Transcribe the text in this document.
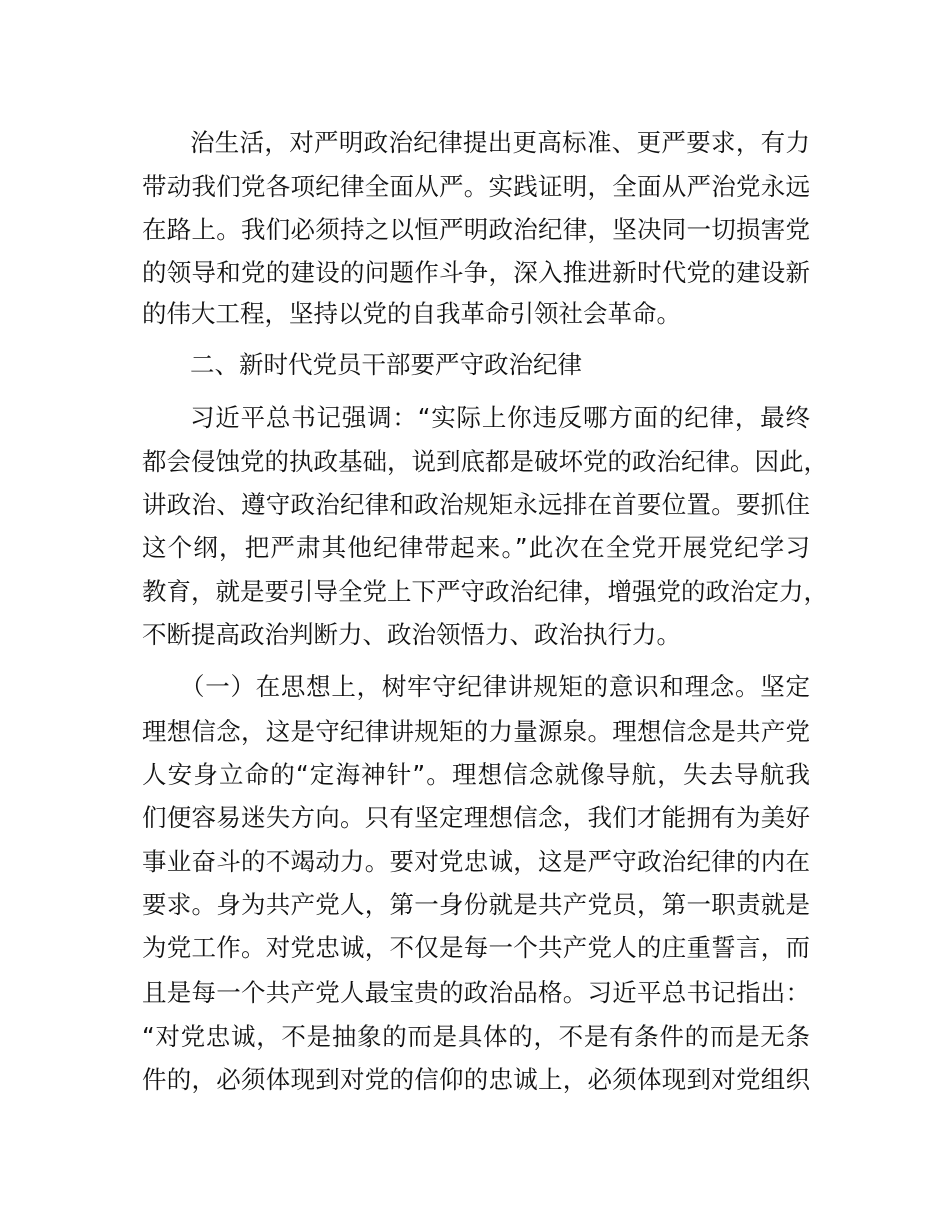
治生活，对严明政治纪律提出更高标准、更严要求，有力
带动我们党各项纪律全面从严。实践证明，全面从严治党永远
在路上。我们必须持之以恒严明政治纪律，坚决同一切损害党
的领导和党的建设的问题作斗争，深入推进新时代党的建设新
的伟大工程，坚持以党的自我革命引领社会革命。
二、新时代党员干部要严守政治纪律
习近平总书记强调：“实际上你违反哪方面的纪律，最终
都会侵蚀党的执政基础，说到底都是破坏党的政治纪律。因此，
讲政治、遵守政治纪律和政治规矩永远排在首要位置。要抓住
这个纲，把严肃其他纪律带起来。”此次在全党开展党纪学习
教育，就是要引导全党上下严守政治纪律，增强党的政治定力，
不断提高政治判断力、政治领悟力、政治执行力。
（一）在思想上，树牢守纪律讲规矩的意识和理念。坚定
理想信念，这是守纪律讲规矩的力量源泉。理想信念是共产党
人安身立命的“定海神针”。理想信念就像导航，失去导航我
们便容易迷失方向。只有坚定理想信念，我们才能拥有为美好
事业奋斗的不竭动力。要对党忠诚，这是严守政治纪律的内在
要求。身为共产党人，第一身份就是共产党员，第一职责就是
为党工作。对党忠诚，不仅是每一个共产党人的庄重誓言，而
且是每一个共产党人最宝贵的政治品格。习近平总书记指出：
“对党忠诚，不是抽象的而是具体的，不是有条件的而是无条
件的，必须体现到对党的信仰的忠诚上，必须体现到对党组织
